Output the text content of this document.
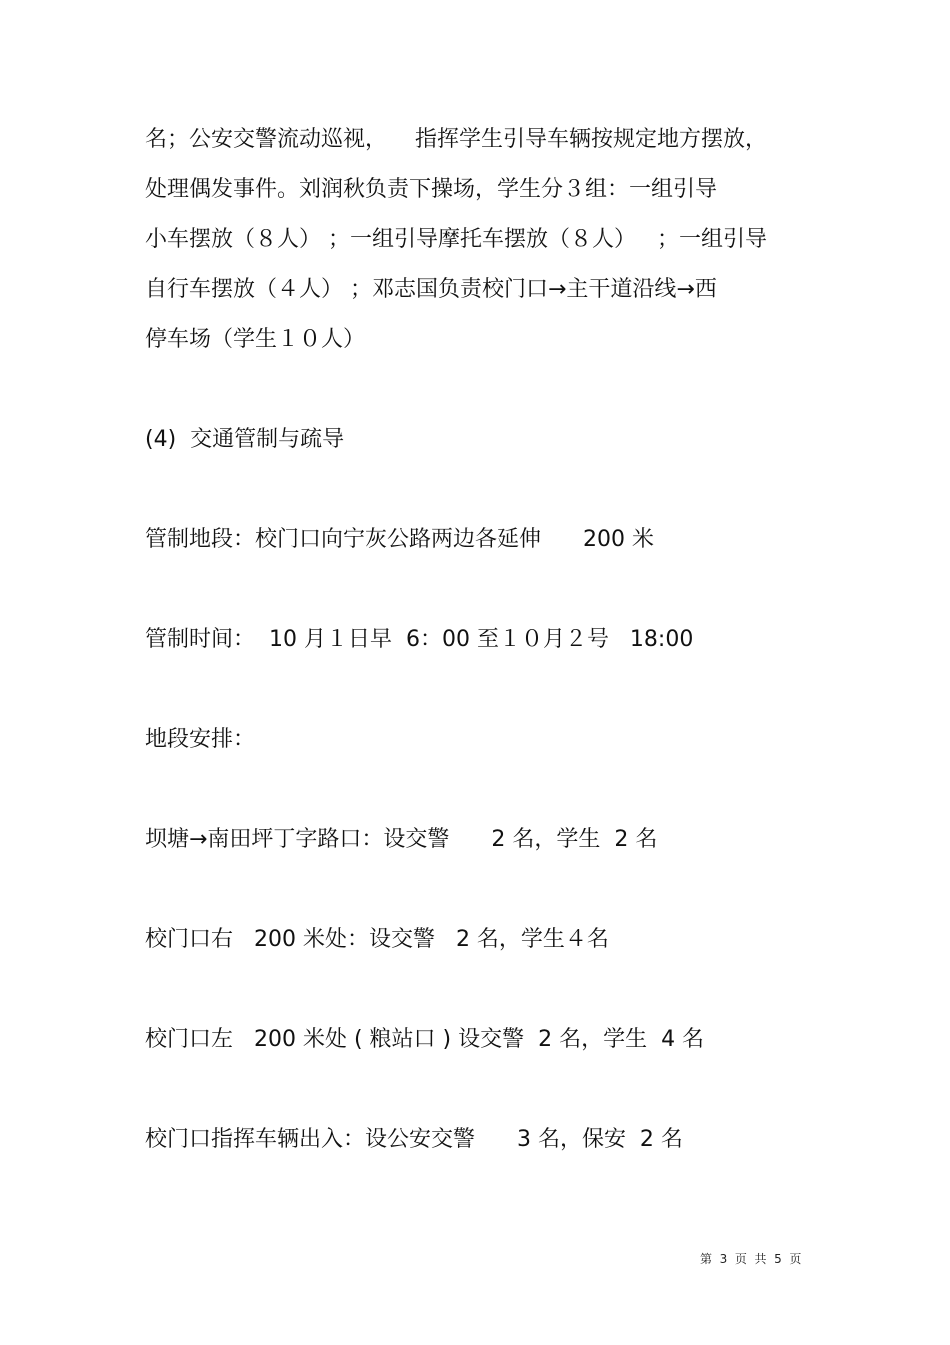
名；公安交警流动巡视，    指挥学生引导车辆按规定地方摆放，

处理偶发事件。刘润秋负责下操场，学生分３组：一组引导

小车摆放（８人） ；一组引导摩托车摆放（８人）   ；一组引导

自行车摆放（４人） ；邓志国负责校门口→主干道沿线→西

停车场（学生１０人）

(4)  交通管制与疏导

管制地段：校门口向宁灰公路两边各延伸      200 米

管制时间：  10 月１日早  6：00 至１０月２号   18:00

地段安排：

坝塘→南田坪丁字路口：设交警      2 名，学生  2 名

校门口右   200 米处：设交警   2 名，学生４名

校门口左   200 米处 ( 粮站口 ) 设交警  2 名，学生  4 名

校门口指挥车辆出入：设公安交警      3 名，保安  2 名

第  3  页  共  5  页
